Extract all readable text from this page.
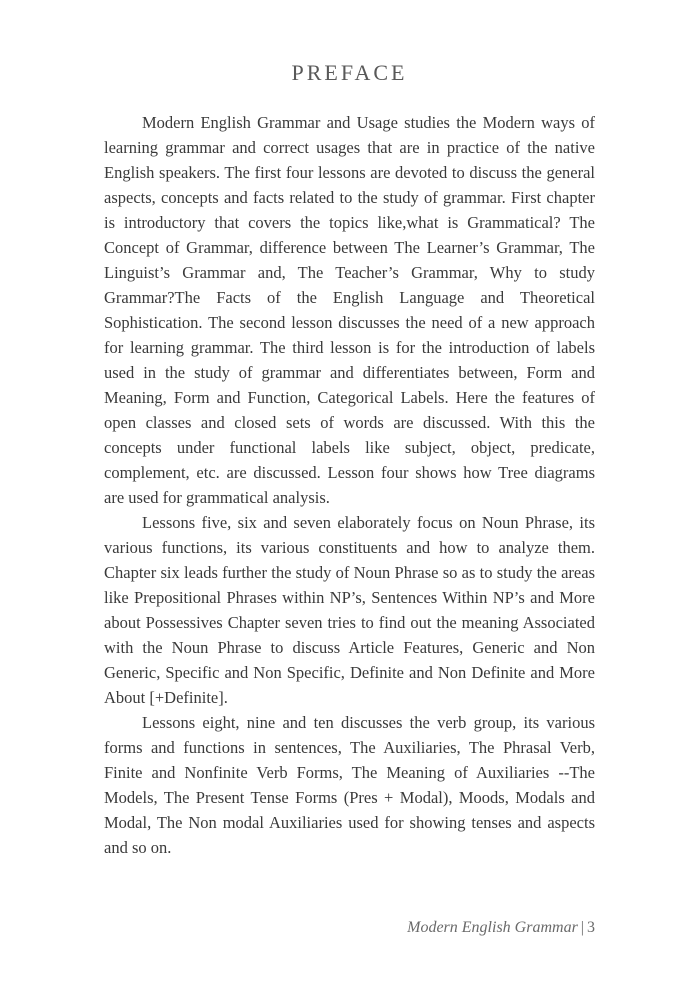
PREFACE

Modern English Grammar and Usage studies the Modern ways of learning grammar and correct usages that are in practice of the native English speakers. The first four lessons are devoted to discuss the general aspects, concepts and facts related to the study of grammar. First chapter is introductory that covers the topics like,what is Grammatical? The Concept of Grammar, difference between The Learner’s Grammar, The Linguist’s Grammar and, The Teacher’s Grammar, Why to study Grammar?The Facts of the English Language and Theoretical Sophistication. The second lesson discusses the need of a new approach for learning grammar. The third lesson is for the introduction of labels used in the study of grammar and differentiates between, Form and Meaning, Form and Function, Categorical Labels. Here the features of open classes and closed sets of words are discussed. With this the concepts under functional labels like subject, object, predicate, complement, etc. are discussed. Lesson four shows how Tree diagrams are used for grammatical analysis.

Lessons five, six and seven elaborately focus on Noun Phrase, its various functions, its various constituents and how to analyze them. Chapter six leads further the study of Noun Phrase so as to study the areas like Prepositional Phrases within NP’s, Sentences Within NP’s and More about Possessives Chapter seven tries to find out the meaning Associated with the Noun Phrase to discuss Article Features, Generic and Non Generic, Specific and Non Specific, Definite and Non Definite and More About [+Definite].

Lessons eight, nine and ten discusses the verb group, its various forms and functions in sentences, The Auxiliaries, The Phrasal Verb, Finite and Nonfinite Verb Forms, The Meaning of Auxiliaries --The Models, The Present Tense Forms (Pres + Modal), Moods, Modals and Modal, The Non modal Auxiliaries used for showing tenses and aspects and so on.

Modern English Grammar | 3
